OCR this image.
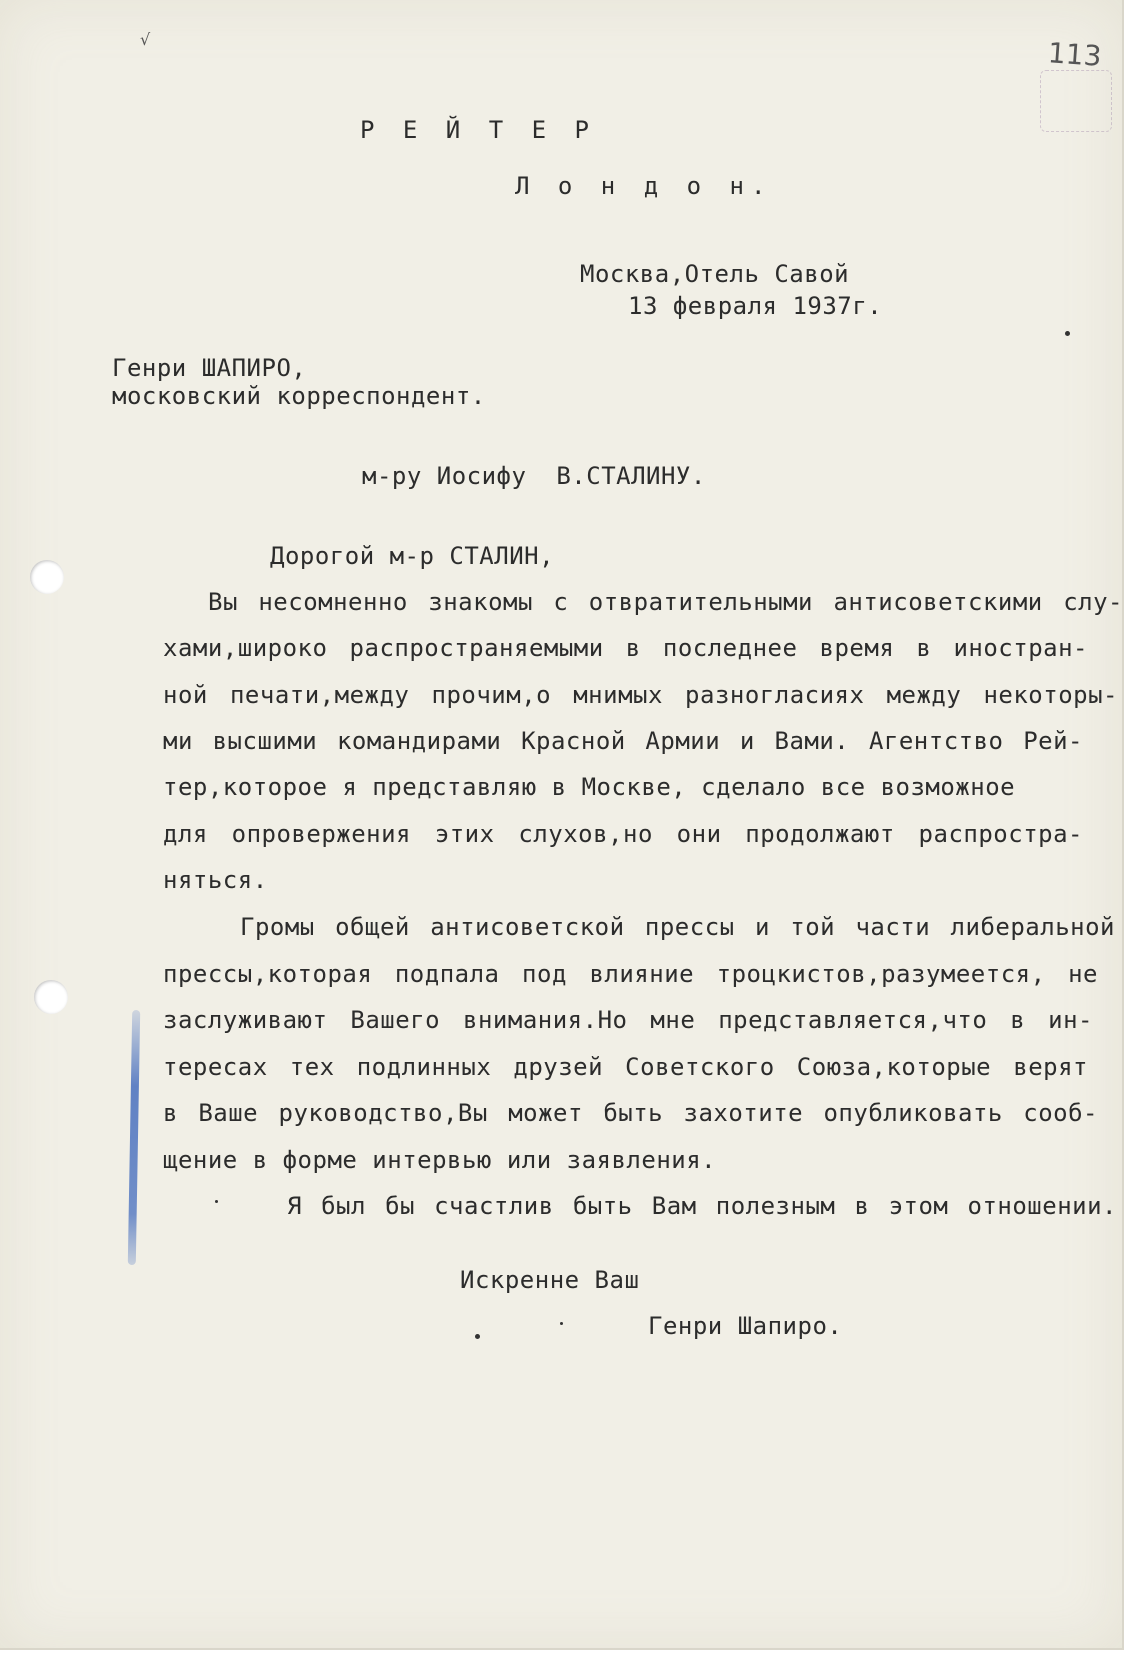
√	113
Р Е Й Т Е Р
Л о н д о н.
Москва,Отель Савой
13 февраля 1937г.
Генри ШАПИРО,
московский корреспондент.
м-ру Иосифу  В.СТАЛИНУ.
Дорогой м-р СТАЛИН,
Вы несомненно знакомы с отвратительными антисоветскими слу-
хами,широко распространяемыми в последнее время в иностран-
ной печати,между прочим,о мнимых разногласиях между некоторы-
ми высшими командирами Красной Армии и Вами. Агентство Рей-
тер,которое я представляю в Москве, сделало все возможное
для опровержения этих слухов,но они продолжают распростра-
няться.
Громы общей антисоветской прессы и той части либеральной
прессы,которая подпала под влияние троцкистов,разумеется, не
заслуживают Вашего внимания.Но мне представляется,что в ин-
тересах тех подлинных друзей Советского Союза,которые верят
в Ваше руководство,Вы может быть захотите опубликовать сооб-
щение в форме интервью или заявления.
Я был бы счастлив быть Вам полезным в этом отношении.
Искренне Ваш
Генри Шапиро.
